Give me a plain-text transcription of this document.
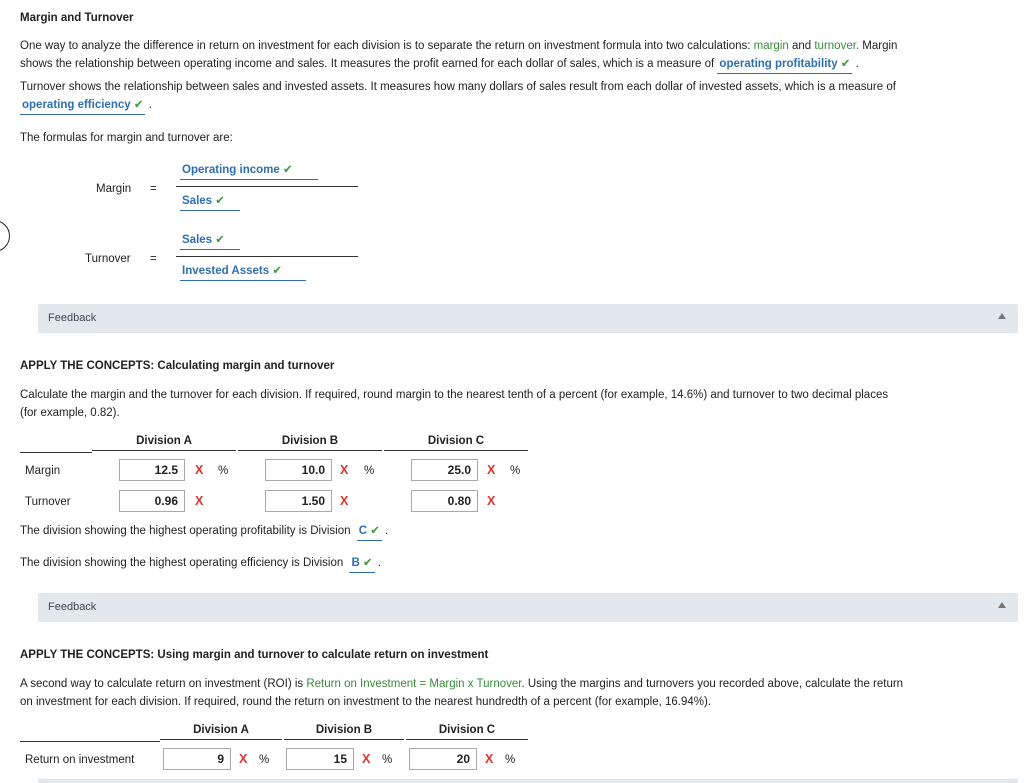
Margin and Turnover
One way to analyze the difference in return on investment for each division is to separate the return on investment formula into two calculations: margin and turnover. Margin
shows the relationship between operating income and sales. It measures the profit earned for each dollar of sales, which is a measure of operating profitability ✔ .
Turnover shows the relationship between sales and invested assets. It measures how many dollars of sales result from each dollar of invested assets, which is a measure of
operating efficiency ✔ .
The formulas for margin and turnover are:
Margin =
Operating income ✔
Sales ✔
Turnover =
Sales ✔
Invested Assets ✔
Feedback
APPLY THE CONCEPTS: Calculating margin and turnover
Calculate the margin and the turnover for each division. If required, round margin to the nearest tenth of a percent (for example, 14.6%) and turnover to two decimal places
(for example, 0.82).
Division A	Division B	Division C
Margin	12.5	X %	10.0	X %	25.0	X %
Turnover	0.96	X	1.50	X	0.80	X
The division showing the highest operating profitability is Division C ✔ .
The division showing the highest operating efficiency is Division B ✔ .
Feedback
APPLY THE CONCEPTS: Using margin and turnover to calculate return on investment
A second way to calculate return on investment (ROI) is Return on Investment = Margin x Turnover. Using the margins and turnovers you recorded above, calculate the return
on investment for each division. If required, round the return on investment to the nearest hundredth of a percent (for example, 16.94%).
Division A	Division B	Division C
Return on investment	9	X %	15	X %	20	X %
